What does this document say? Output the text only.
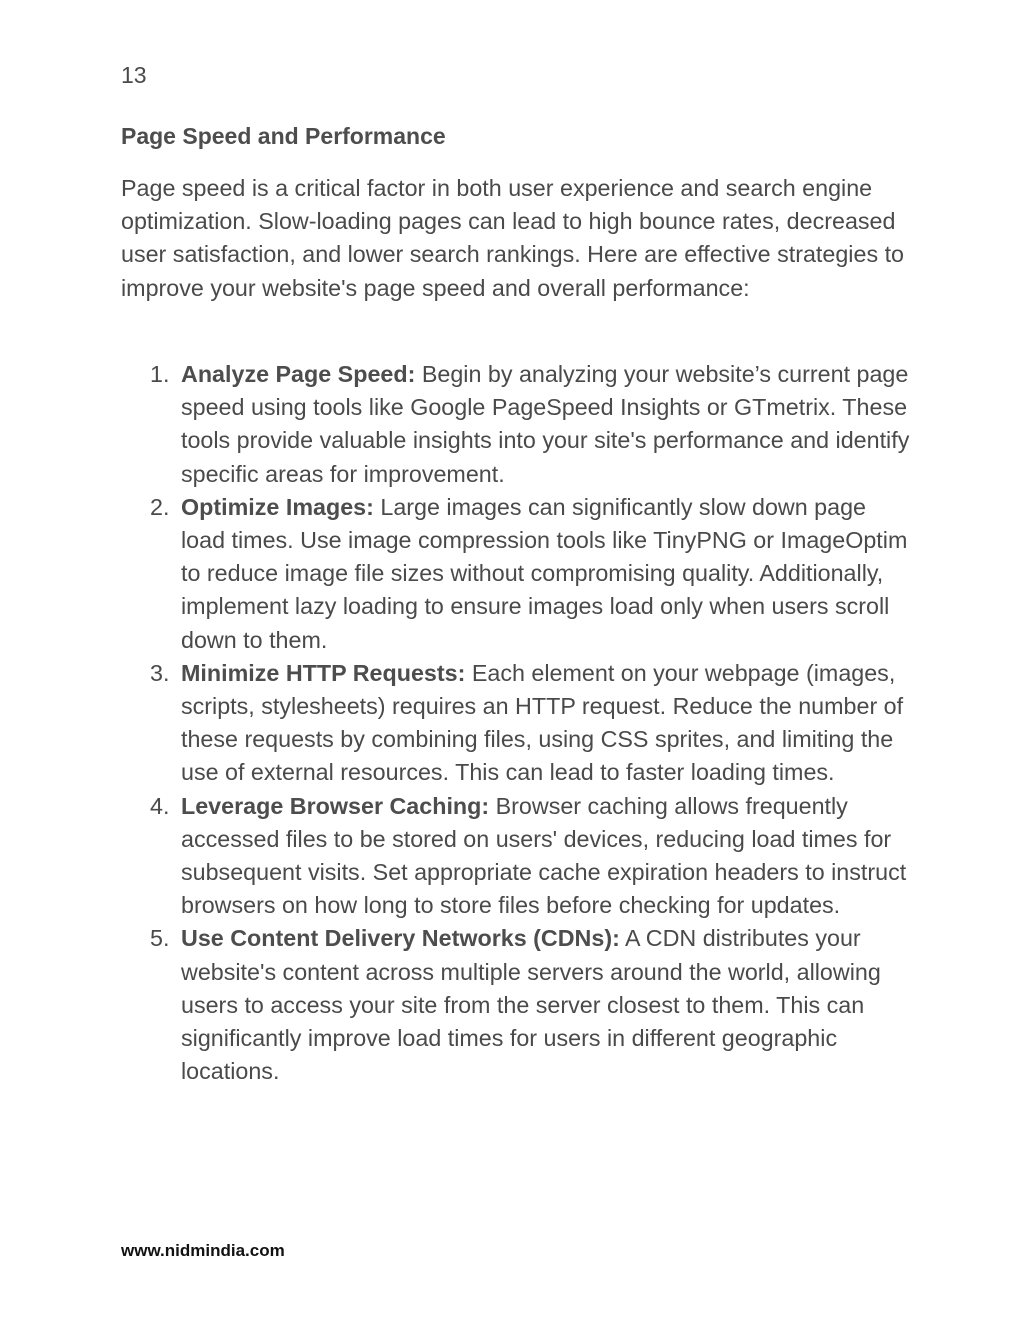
13
Page Speed and Performance

Page speed is a critical factor in both user experience and search engine optimization. Slow-loading pages can lead to high bounce rates, decreased user satisfaction, and lower search rankings. Here are effective strategies to improve your website's page speed and overall performance:

1. Analyze Page Speed: Begin by analyzing your website’s current page speed using tools like Google PageSpeed Insights or GTmetrix. These tools provide valuable insights into your site's performance and identify specific areas for improvement.
2. Optimize Images: Large images can significantly slow down page load times. Use image compression tools like TinyPNG or ImageOptim to reduce image file sizes without compromising quality. Additionally, implement lazy loading to ensure images load only when users scroll down to them.
3. Minimize HTTP Requests: Each element on your webpage (images, scripts, stylesheets) requires an HTTP request. Reduce the number of these requests by combining files, using CSS sprites, and limiting the use of external resources. This can lead to faster loading times.
4. Leverage Browser Caching: Browser caching allows frequently accessed files to be stored on users' devices, reducing load times for subsequent visits. Set appropriate cache expiration headers to instruct browsers on how long to store files before checking for updates.
5. Use Content Delivery Networks (CDNs): A CDN distributes your website's content across multiple servers around the world, allowing users to access your site from the server closest to them. This can significantly improve load times for users in different geographic locations.
www.nidmindia.com
